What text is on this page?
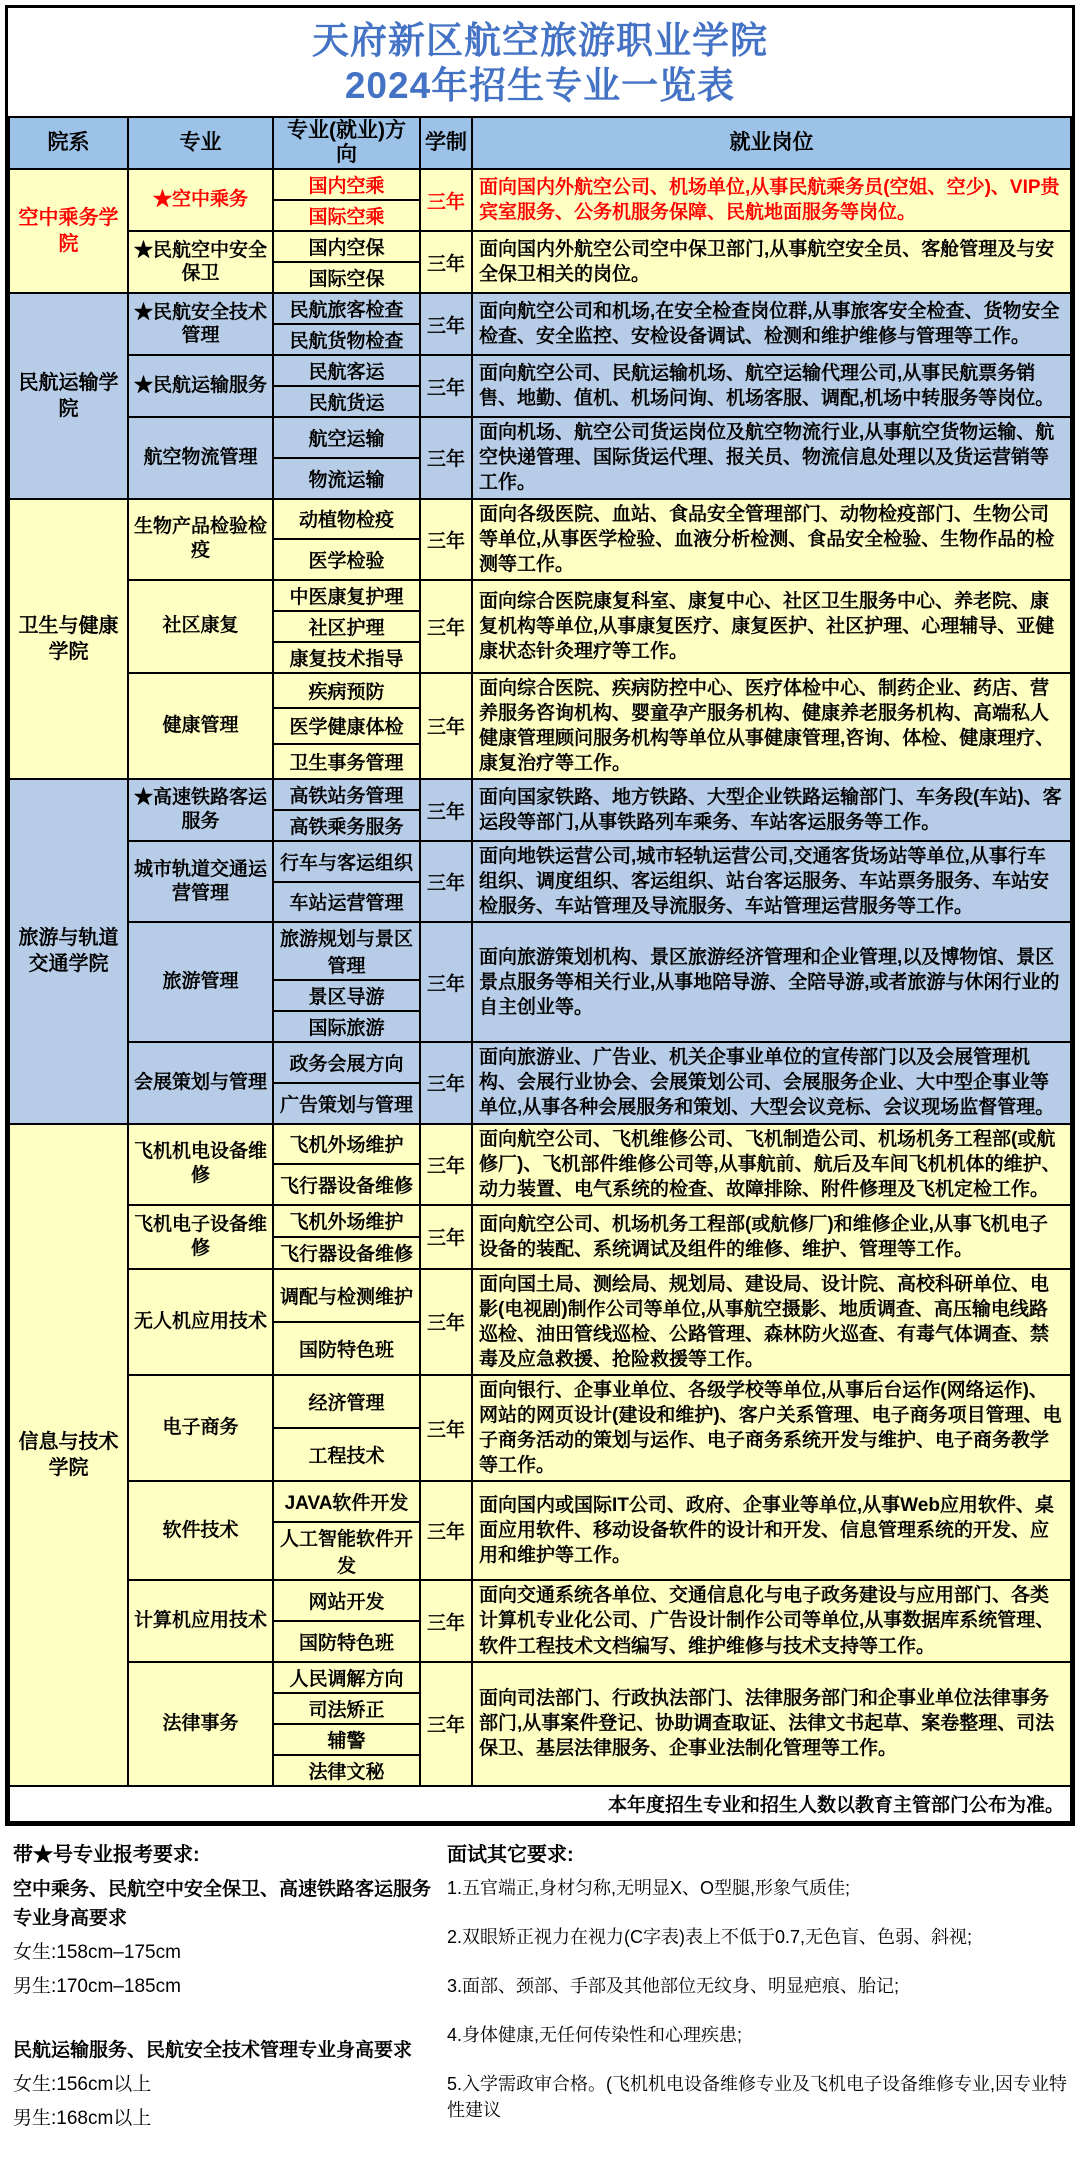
天府新区航空旅游职业学院
2024年招生专业一览表
院系	专业	专业(就业)方向	学制	就业岗位
空中乘务学院	★空中乘务	国内空乘	三年	面向国内外航空公司、机场单位,从事民航乘务员(空姐、空少)、VIP贵宾室服务、公务机服务保障、民航地面服务等岗位。
		国际空乘		
	★民航空中安全保卫	国内空保	三年	面向国内外航空公司空中保卫部门,从事航空安全员、客舱管理及与安全保卫相关的岗位。
		国际空保		
民航运输学院	★民航安全技术管理	民航旅客检查	三年	面向航空公司和机场,在安全检查岗位群,从事旅客安全检查、货物安全检查、安全监控、安检设备调试、检测和维护维修与管理等工作。
		民航货物检查		
	★民航运输服务	民航客运	三年	面向航空公司、民航运输机场、航空运输代理公司,从事民航票务销售、地勤、值机、机场问询、机场客服、调配,机场中转服务等岗位。
		民航货运		
	航空物流管理	航空运输	三年	面向机场、航空公司货运岗位及航空物流行业,从事航空货物运输、航空快递管理、国际货运代理、报关员、物流信息处理以及货运营销等工作。
		物流运输		
卫生与健康学院	生物产品检验检疫	动植物检疫	三年	面向各级医院、血站、食品安全管理部门、动物检疫部门、生物公司等单位,从事医学检验、血液分析检测、食品安全检验、生物作品的检测等工作。
		医学检验		
	社区康复	中医康复护理	三年	面向综合医院康复科室、康复中心、社区卫生服务中心、养老院、康复机构等单位,从事康复医疗、康复医护、社区护理、心理辅导、亚健康状态针灸理疗等工作。
		社区护理		
		康复技术指导		
	健康管理	疾病预防	三年	面向综合医院、疾病防控中心、医疗体检中心、制药企业、药店、营养服务咨询机构、婴童孕产服务机构、健康养老服务机构、高端私人健康管理顾问服务机构等单位从事健康管理,咨询、体检、健康理疗、康复治疗等工作。
		医学健康体检		
		卫生事务管理		
旅游与轨道交通学院	★高速铁路客运服务	高铁站务管理	三年	面向国家铁路、地方铁路、大型企业铁路运输部门、车务段(车站)、客运段等部门,从事铁路列车乘务、车站客运服务等工作。
		高铁乘务服务		
	城市轨道交通运营管理	行车与客运组织	三年	面向地铁运营公司,城市轻轨运营公司,交通客货场站等单位,从事行车组织、调度组织、客运组织、站台客运服务、车站票务服务、车站安检服务、车站管理及导流服务、车站管理运营服务等工作。
		车站运营管理		
	旅游管理	旅游规划与景区管理	三年	面向旅游策划机构、景区旅游经济管理和企业管理,以及博物馆、景区景点服务等相关行业,从事地陪导游、全陪导游,或者旅游与休闲行业的自主创业等。
		景区导游		
		国际旅游		
	会展策划与管理	政务会展方向	三年	面向旅游业、广告业、机关企事业单位的宣传部门以及会展管理机构、会展行业协会、会展策划公司、会展服务企业、大中型企事业等单位,从事各种会展服务和策划、大型会议竞标、会议现场监督管理。
		广告策划与管理		
信息与技术学院	飞机机电设备维修	飞机外场维护	三年	面向航空公司、飞机维修公司、飞机制造公司、机场机务工程部(或航修厂)、飞机部件维修公司等,从事航前、航后及车间飞机机体的维护、动力装置、电气系统的检查、故障排除、附件修理及飞机定检工作。
		飞行器设备维修		
	飞机电子设备维修	飞机外场维护	三年	面向航空公司、机场机务工程部(或航修厂)和维修企业,从事飞机电子设备的装配、系统调试及组件的维修、维护、管理等工作。
		飞行器设备维修		
	无人机应用技术	调配与检测维护	三年	面向国土局、测绘局、规划局、建设局、设计院、高校科研单位、电影(电视剧)制作公司等单位,从事航空摄影、地质调查、高压输电线路巡检、油田管线巡检、公路管理、森林防火巡查、有毒气体调查、禁毒及应急救援、抢险救援等工作。
		国防特色班		
	电子商务	经济管理	三年	面向银行、企事业单位、各级学校等单位,从事后台运作(网络运作)、网站的网页设计(建设和维护)、客户关系管理、电子商务项目管理、电子商务活动的策划与运作、电子商务系统开发与维护、电子商务教学等工作。
		工程技术		
	软件技术	JAVA软件开发	三年	面向国内或国际IT公司、政府、企事业等单位,从事Web应用软件、桌面应用软件、移动设备软件的设计和开发、信息管理系统的开发、应用和维护等工作。
		人工智能软件开发		
	计算机应用技术	网站开发	三年	面向交通系统各单位、交通信息化与电子政务建设与应用部门、各类计算机专业化公司、广告设计制作公司等单位,从事数据库系统管理、软件工程技术文档编写、维护维修与技术支持等工作。
		国防特色班		
	法律事务	人民调解方向	三年	面向司法部门、行政执法部门、法律服务部门和企事业单位法律事务部门,从事案件登记、协助调查取证、法律文书起草、案卷整理、司法保卫、基层法律服务、企事业法制化管理等工作。
		司法矫正		
		辅警		
		法律文秘		
本年度招生专业和招生人数以教育主管部门公布为准。				

带★号专业报考要求:

空中乘务、民航空中安全保卫、高速铁路客运服务专业身高要求

女生:158cm–175cm

男生:170cm–185cm

民航运输服务、民航安全技术管理专业身高要求

女生:156cm以上

男生:168cm以上

面试其它要求:

1.五官端正,身材匀称,无明显X、O型腿,形象气质佳;

2.双眼矫正视力在视力(C字表)表上不低于0.7,无色盲、色弱、斜视;

3.面部、颈部、手部及其他部位无纹身、明显疤痕、胎记;

4.身体健康,无任何传染性和心理疾患;

5.入学需政审合格。(飞机机电设备维修专业及飞机电子设备维修专业,因专业特性建议
